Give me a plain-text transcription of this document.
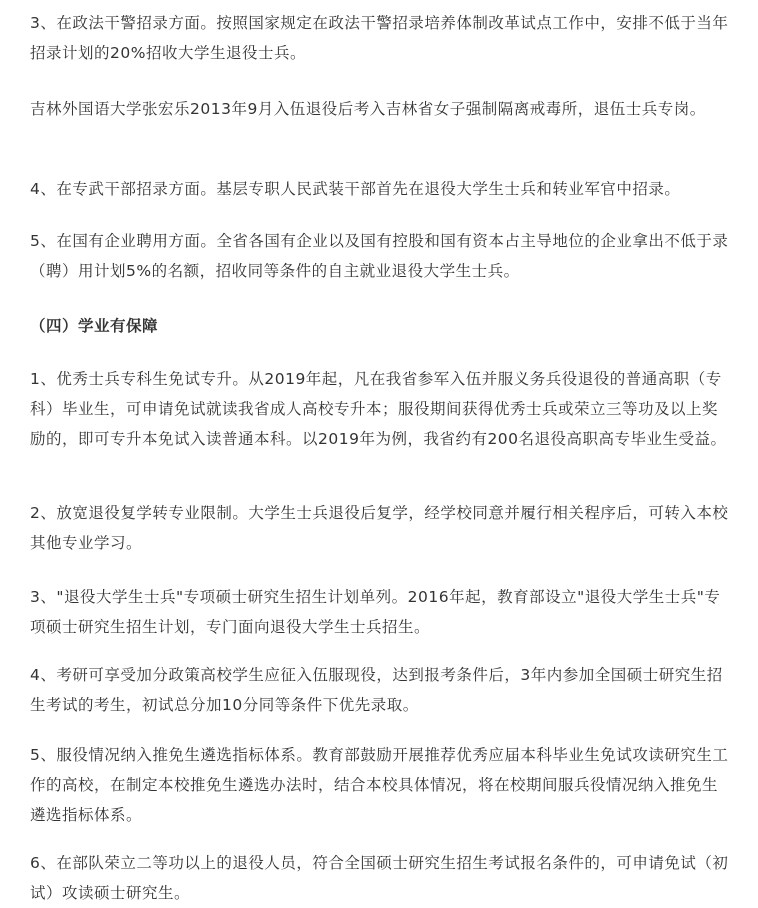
3、在政法干警招录方面。按照国家规定在政法干警招录培养体制改革试点工作中，安排不低于当年招录计划的20%招收大学生退役士兵。

吉林外国语大学张宏乐2013年9月入伍退役后考入吉林省女子强制隔离戒毒所，退伍士兵专岗。

4、在专武干部招录方面。基层专职人民武装干部首先在退役大学生士兵和转业军官中招录。

5、在国有企业聘用方面。全省各国有企业以及国有控股和国有资本占主导地位的企业拿出不低于录（聘）用计划5%的名额，招收同等条件的自主就业退役大学生士兵。

（四）学业有保障

1、优秀士兵专科生免试专升。从2019年起，凡在我省参军入伍并服义务兵役退役的普通高职（专科）毕业生，可申请免试就读我省成人高校专升本；服役期间获得优秀士兵或荣立三等功及以上奖励的，即可专升本免试入读普通本科。以2019年为例，我省约有200名退役高职高专毕业生受益。

2、放宽退役复学转专业限制。大学生士兵退役后复学，经学校同意并履行相关程序后，可转入本校其他专业学习。

3、"退役大学生士兵"专项硕士研究生招生计划单列。2016年起，教育部设立"退役大学生士兵"专项硕士研究生招生计划，专门面向退役大学生士兵招生。

4、考研可享受加分政策高校学生应征入伍服现役，达到报考条件后，3年内参加全国硕士研究生招生考试的考生，初试总分加10分同等条件下优先录取。

5、服役情况纳入推免生遴选指标体系。教育部鼓励开展推荐优秀应届本科毕业生免试攻读研究生工作的高校，在制定本校推免生遴选办法时，结合本校具体情况，将在校期间服兵役情况纳入推免生遴选指标体系。

6、在部队荣立二等功以上的退役人员，符合全国硕士研究生招生考试报名条件的，可申请免试（初试）攻读硕士研究生。
